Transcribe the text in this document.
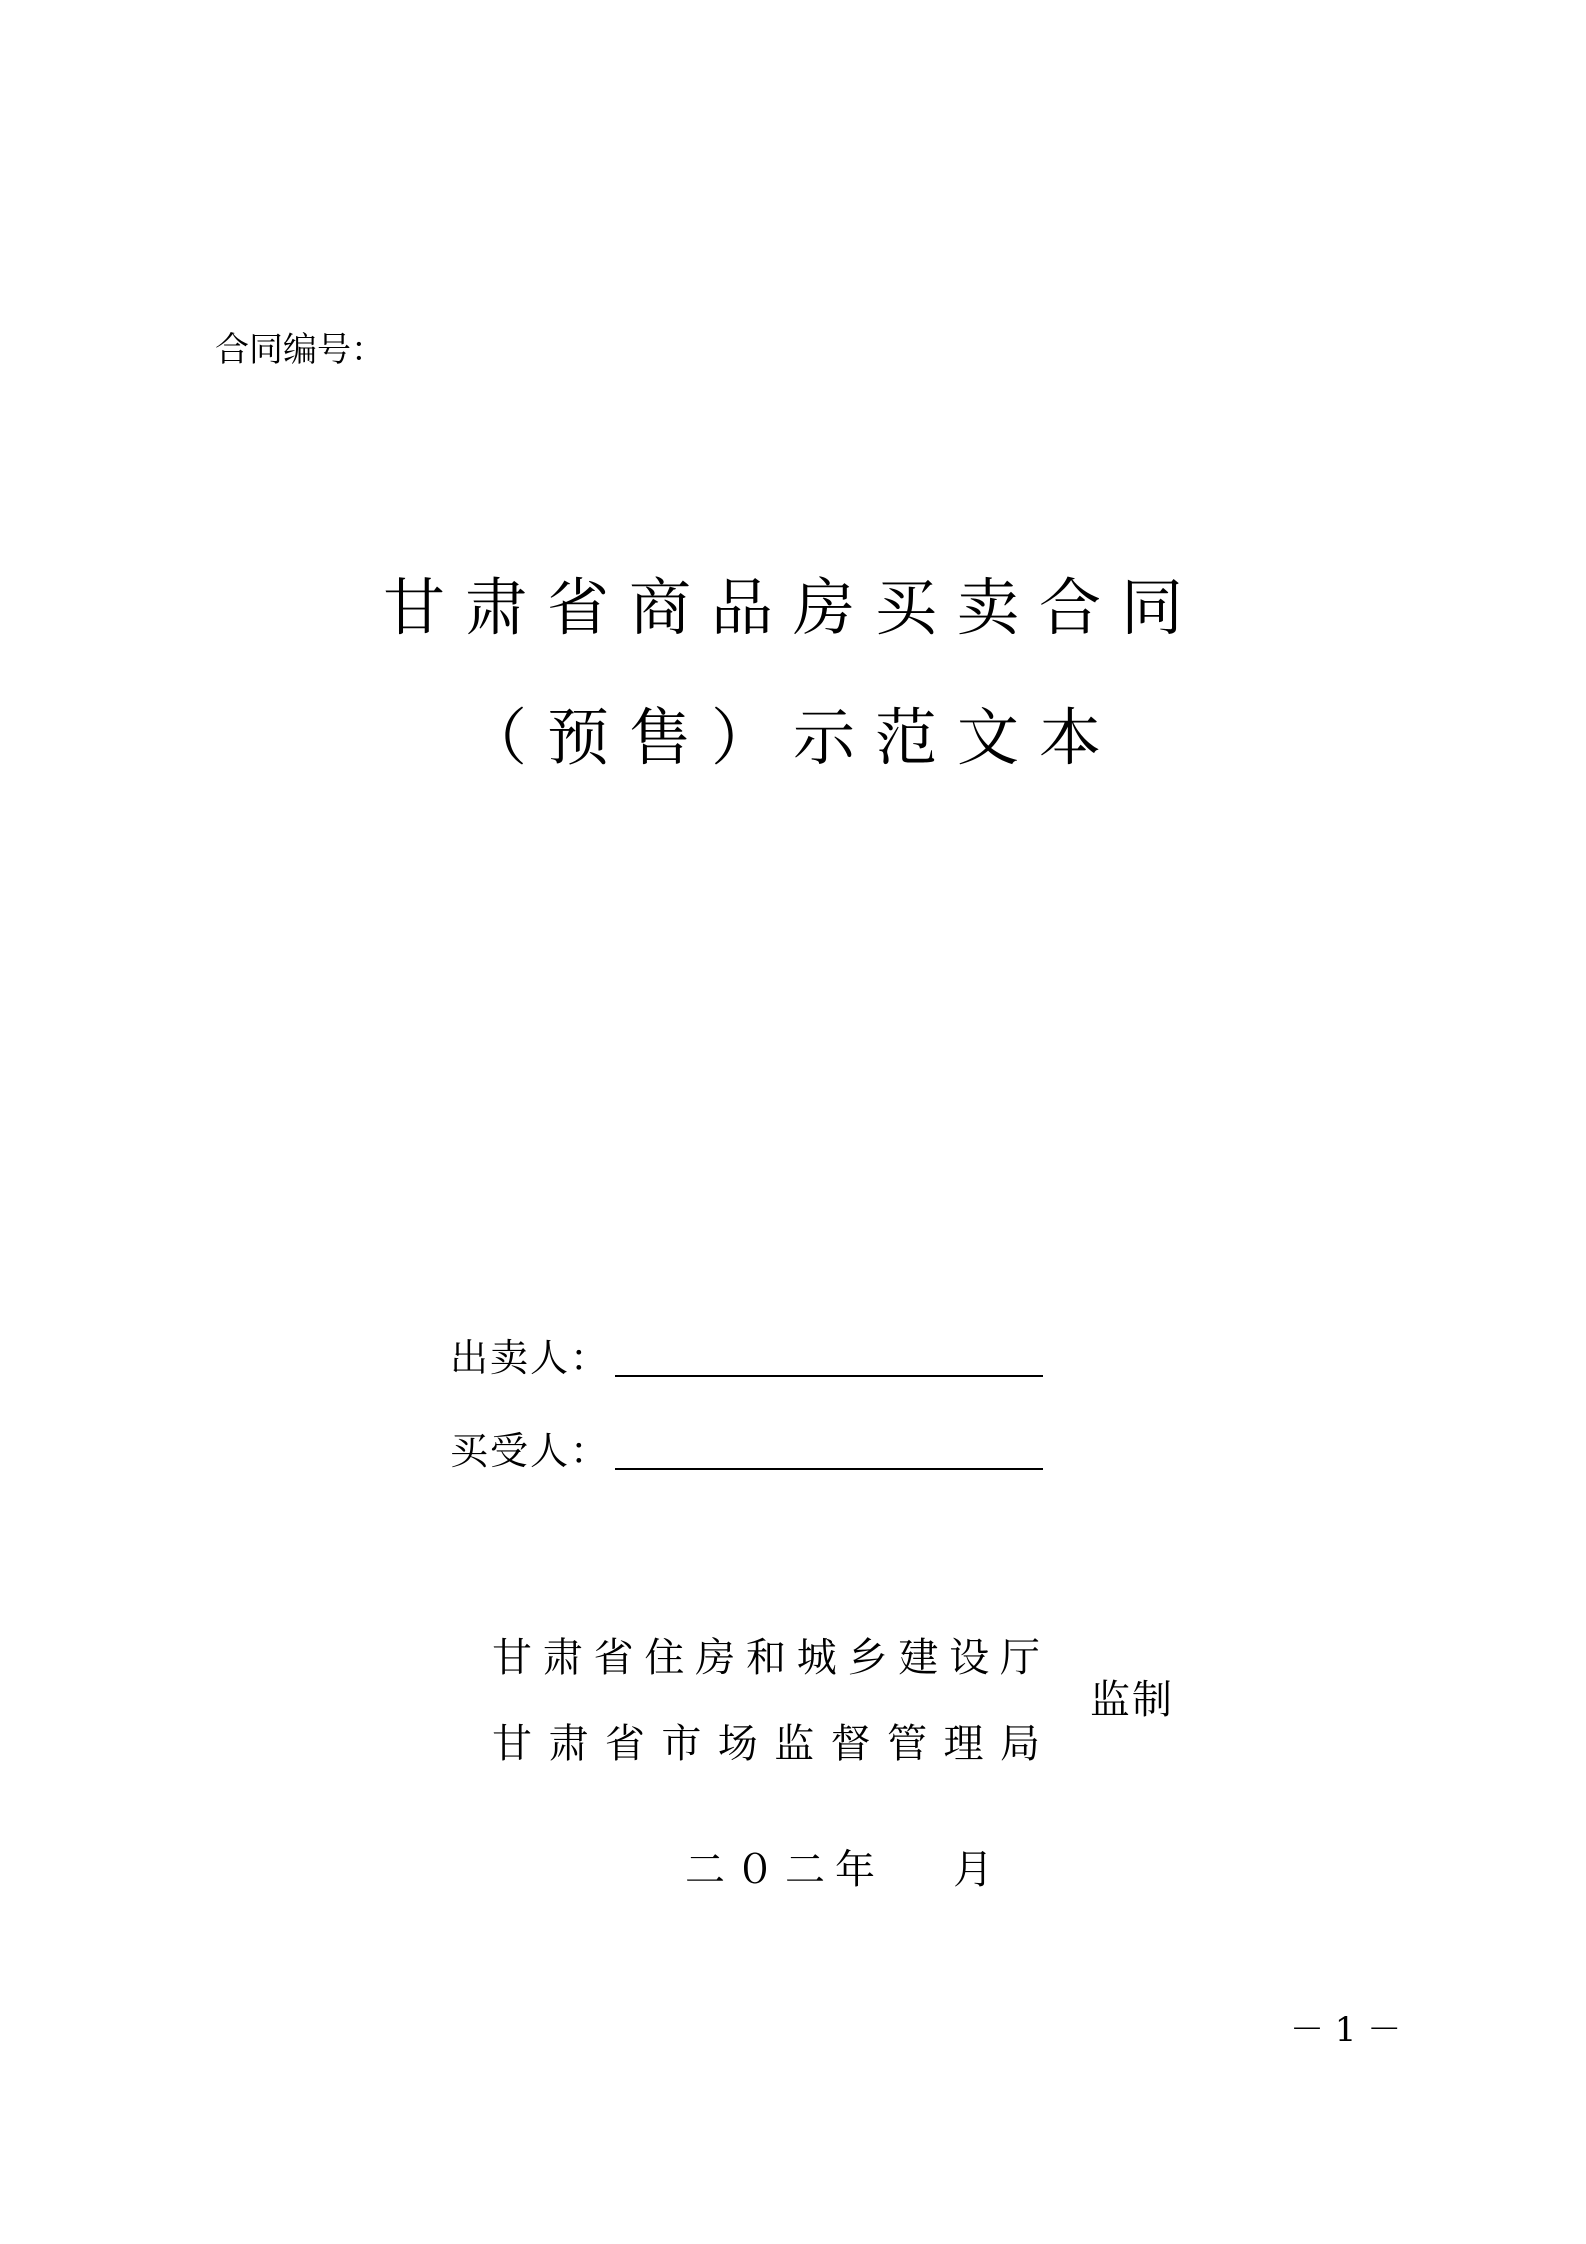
合同编号：
甘肃省商品房买卖合同
（预售）示范文本
出卖人：
买受人：
甘肃省住房和城乡建设厅
甘肃省市场监督管理局
监制
二０二年   月
－ 1 －
